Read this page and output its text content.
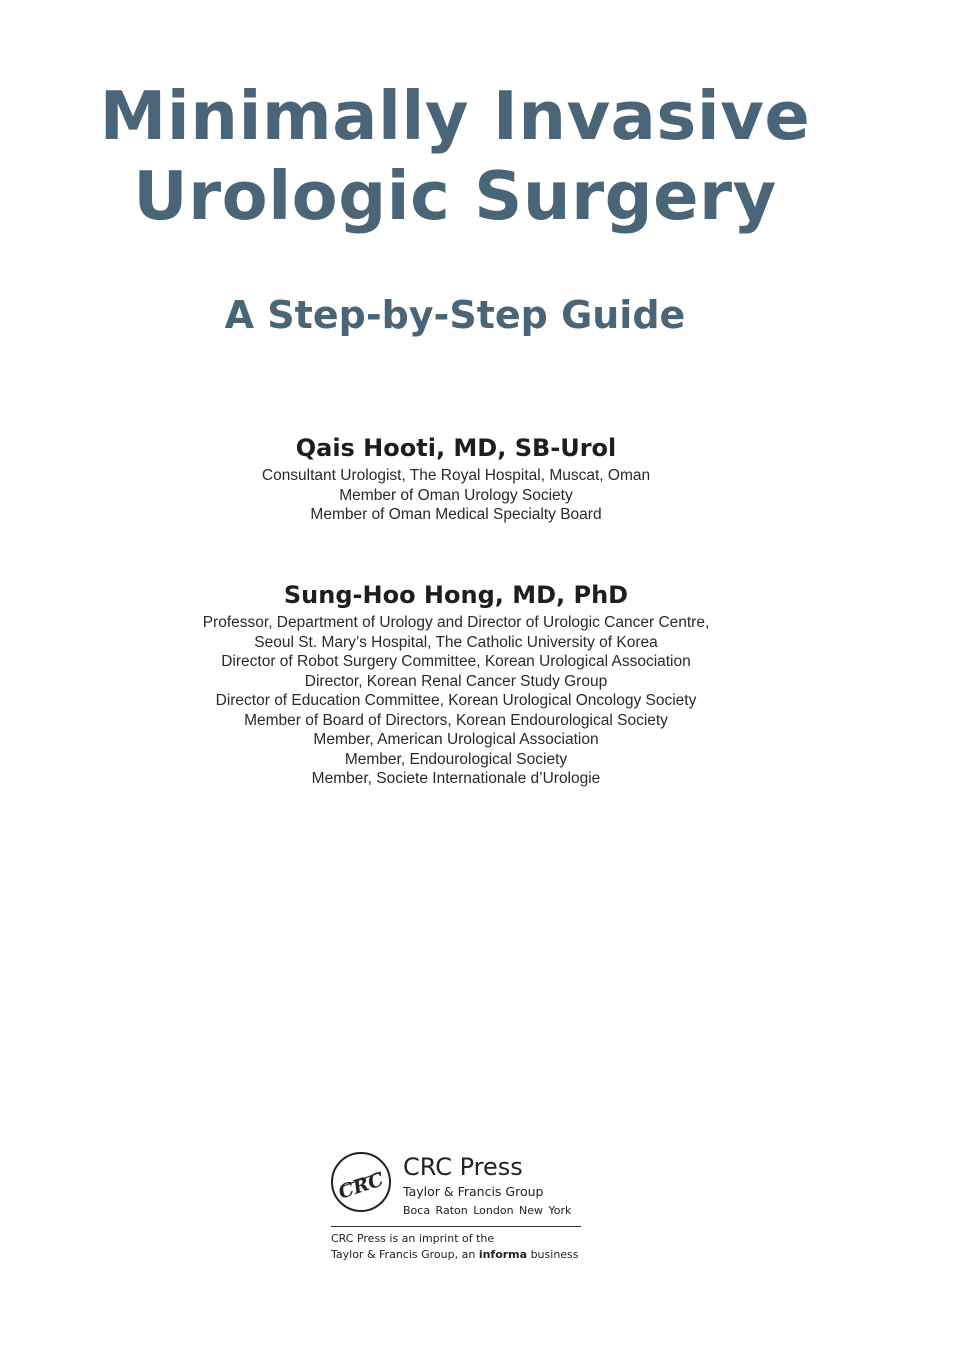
Minimally Invasive
Urologic Surgery
A Step-by-Step Guide
Qais Hooti, MD, SB-Urol
Consultant Urologist, The Royal Hospital, Muscat, Oman
Member of Oman Urology Society
Member of Oman Medical Specialty Board
Sung-Hoo Hong, MD, PhD
Professor, Department of Urology and Director of Urologic Cancer Centre,
Seoul St. Mary’s Hospital, The Catholic University of Korea
Director of Robot Surgery Committee, Korean Urological Association
Director, Korean Renal Cancer Study Group
Director of Education Committee, Korean Urological Oncology Society
Member of Board of Directors, Korean Endourological Society
Member, American Urological Association
Member, Endourological Society
Member, Societe Internationale d’Urologie
CRC
CRC Press
Taylor & Francis Group
Boca Raton London New York
CRC Press is an imprint of the
Taylor & Francis Group, an informa business
